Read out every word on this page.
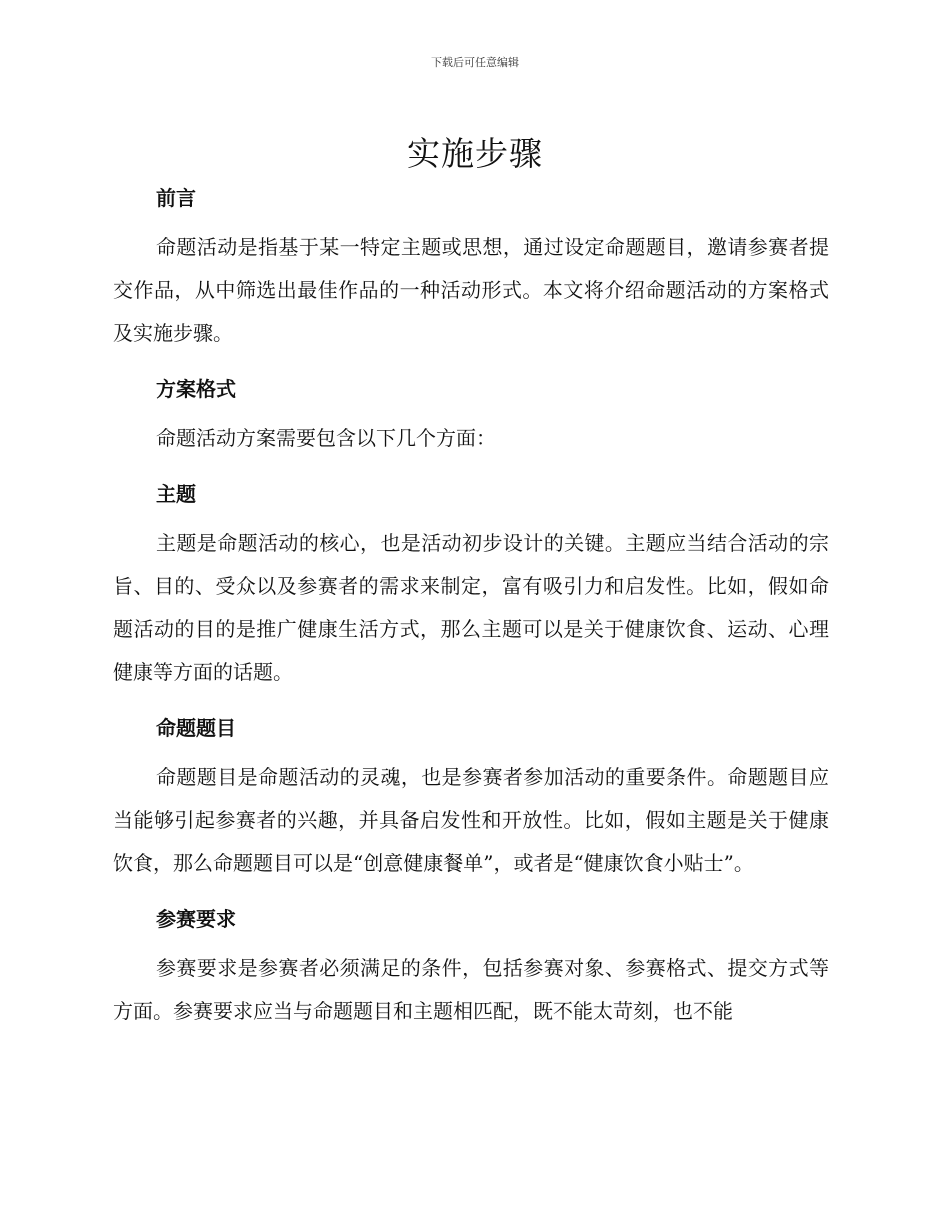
下载后可任意编辑
实施步骤
前言

命题活动是指基于某一特定主题或思想，通过设定命题题目，邀请参赛者提交作品，从中筛选出最佳作品的一种活动形式。本文将介绍命题活动的方案格式及实施步骤。

方案格式

命题活动方案需要包含以下几个方面：

主题

主题是命题活动的核心，也是活动初步设计的关键。主题应当结合活动的宗旨、目的、受众以及参赛者的需求来制定，富有吸引力和启发性。比如，假如命题活动的目的是推广健康生活方式，那么主题可以是关于健康饮食、运动、心理健康等方面的话题。

命题题目

命题题目是命题活动的灵魂，也是参赛者参加活动的重要条件。命题题目应当能够引起参赛者的兴趣，并具备启发性和开放性。比如，假如主题是关于健康饮食，那么命题题目可以是“创意健康餐单”，或者是“健康饮食小贴士”。

参赛要求

参赛要求是参赛者必须满足的条件，包括参赛对象、参赛格式、提交方式等方面。参赛要求应当与命题题目和主题相匹配，既不能太苛刻，也不能
